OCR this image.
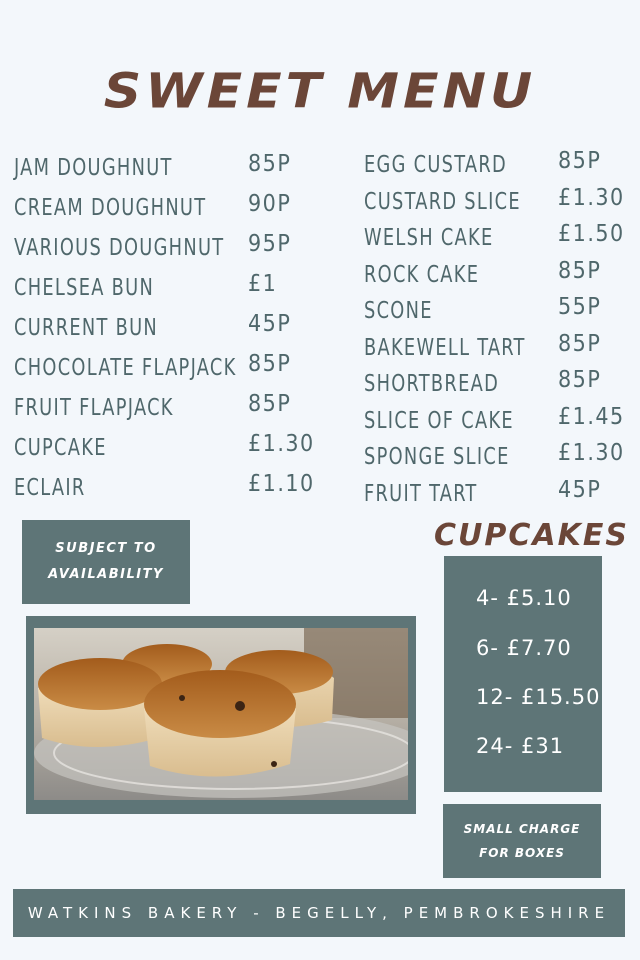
SWEET MENU
JAM DOUGHNUT	85P
CREAM DOUGHNUT 90P
VARIOUS DOUGHNUT 95P
CHELSEA BUN	£1
CURRENT BUN	45P
CHOCOLATE FLAPJACK 85P
FRUIT FLAPJACK	85P
CUPCAKE	£1.30
ECLAIR	£1.10
EGG CUSTARD 85P
CUSTARD SLICE £1.30
WELSH CAKE	£1.50
ROCK CAKE	85P
SCONE	55P
BAKEWELL TART 85P
SHORTBREAD	85P
SLICE OF CAKE £1.45
SPONGE SLICE £1.30
FRUIT TART	45P
SUBJECT TO
AVAILABILITY
CUPCAKES
4- £5.10
6- £7.70
12- £15.50
24- £31
SMALL CHARGE
FOR BOXES
WATKINS BAKERY - BEGELLY, PEMBROKESHIRE
